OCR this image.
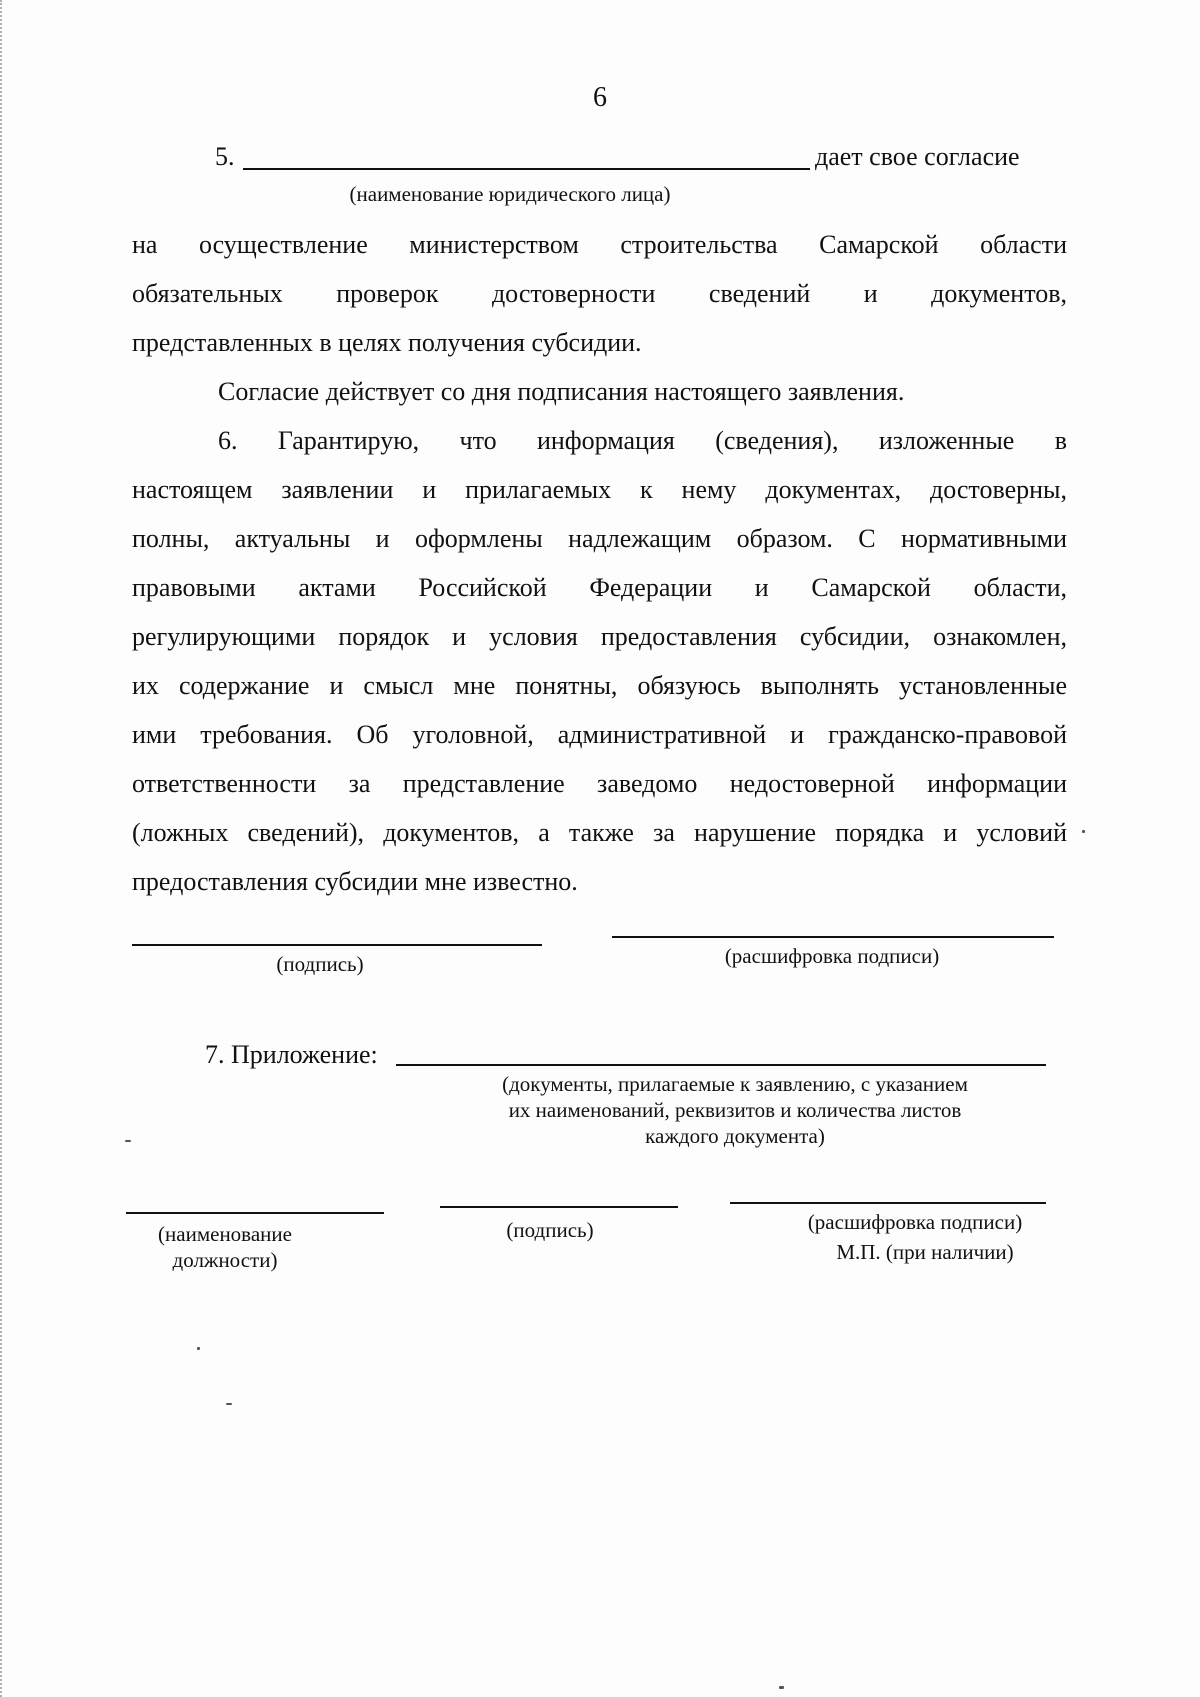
6
5.	дает свое согласие
(наименование юридического лица)
на осуществление министерством строительства Самарской области
обязательных проверок достоверности сведений и документов,
представленных в целях получения субсидии.
Согласие действует со дня подписания настоящего заявления.
6. Гарантирую, что информация (сведения), изложенные в
настоящем заявлении и прилагаемых к нему документах, достоверны,
полны, актуальны и оформлены надлежащим образом. С нормативными
правовыми актами Российской Федерации и Самарской области,
регулирующими порядок и условия предоставления субсидии, ознакомлен,
их содержание и смысл мне понятны, обязуюсь выполнять установленные
ими требования. Об уголовной, административной и гражданско-правовой
ответственности за представление заведомо недостоверной информации
(ложных сведений), документов, а также за нарушение порядка и условий
предоставления субсидии мне известно.
(подпись)	(расшифровка подписи)
7. Приложение:
(документы, прилагаемые к заявлению, с указанием
их наименований, реквизитов и количества листов
каждого документа)
(наименование
должности)
(подпись)	(расшифровка подписи)
М.П. (при наличии)
